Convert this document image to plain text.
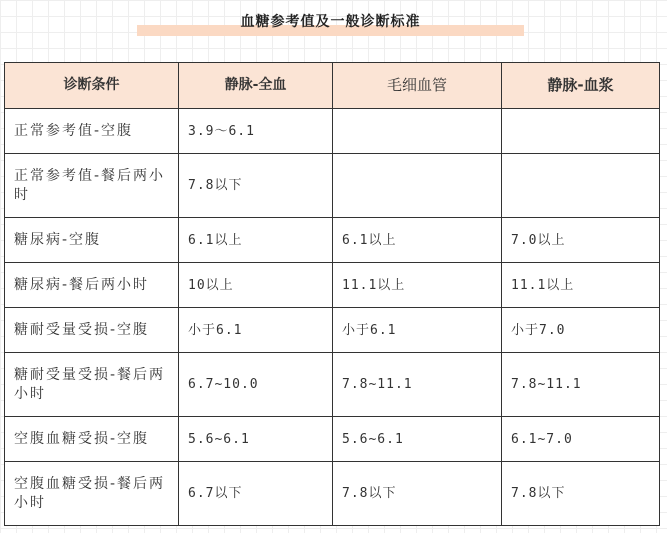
血糖参考值及一般诊断标准
诊断条件	静脉-全血	毛细血管	静脉-血浆
正常参考值-空腹	3.9～6.1		
正常参考值-餐后两小时	7.8以下		
糖尿病-空腹	6.1以上	6.1以上	7.0以上
糖尿病-餐后两小时	10以上	11.1以上	11.1以上
糖耐受量受损-空腹	小于6.1	小于6.1	小于7.0
糖耐受量受损-餐后两小时	6.7~10.0	7.8~11.1	7.8~11.1
空腹血糖受损-空腹	5.6~6.1	5.6~6.1	6.1~7.0
空腹血糖受损-餐后两小时	6.7以下	7.8以下	7.8以下
